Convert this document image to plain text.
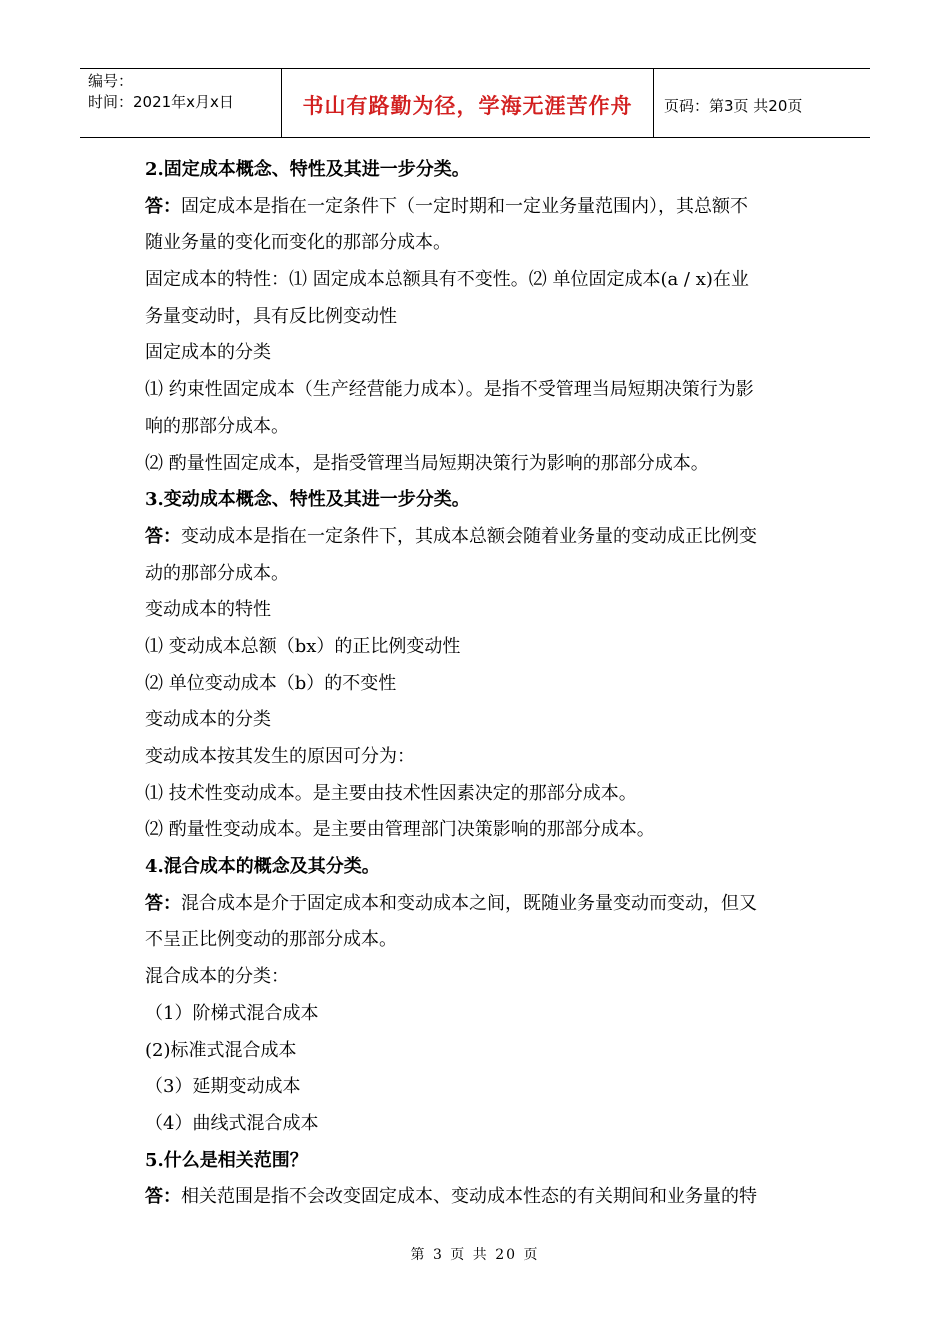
编号：
时间：2021年x月x日	书山有路勤为径，学海无涯苦作舟	页码：第3页 共20页
2.固定成本概念、特性及其进一步分类。
答：固定成本是指在一定条件下（一定时期和一定业务量范围内），其总额不
随业务量的变化而变化的那部分成本。
固定成本的特性：⑴ 固定成本总额具有不变性。⑵ 单位固定成本(a / x)在业
务量变动时，具有反比例变动性
固定成本的分类
⑴ 约束性固定成本（生产经营能力成本）。是指不受管理当局短期决策行为影
响的那部分成本。
⑵ 酌量性固定成本，是指受管理当局短期决策行为影响的那部分成本。
3.变动成本概念、特性及其进一步分类。
答：变动成本是指在一定条件下，其成本总额会随着业务量的变动成正比例变
动的那部分成本。
变动成本的特性
⑴ 变动成本总额（bx）的正比例变动性
⑵ 单位变动成本（b）的不变性
变动成本的分类
变动成本按其发生的原因可分为：
⑴ 技术性变动成本。是主要由技术性因素决定的那部分成本。
⑵ 酌量性变动成本。是主要由管理部门决策影响的那部分成本。
4.混合成本的概念及其分类。
答：混合成本是介于固定成本和变动成本之间，既随业务量变动而变动，但又
不呈正比例变动的那部分成本。
混合成本的分类：
（1）阶梯式混合成本
(2)标准式混合成本
（3）延期变动成本
（4）曲线式混合成本
5.什么是相关范围？
答：相关范围是指不会改变固定成本、变动成本性态的有关期间和业务量的特
第 3 页 共 20 页
